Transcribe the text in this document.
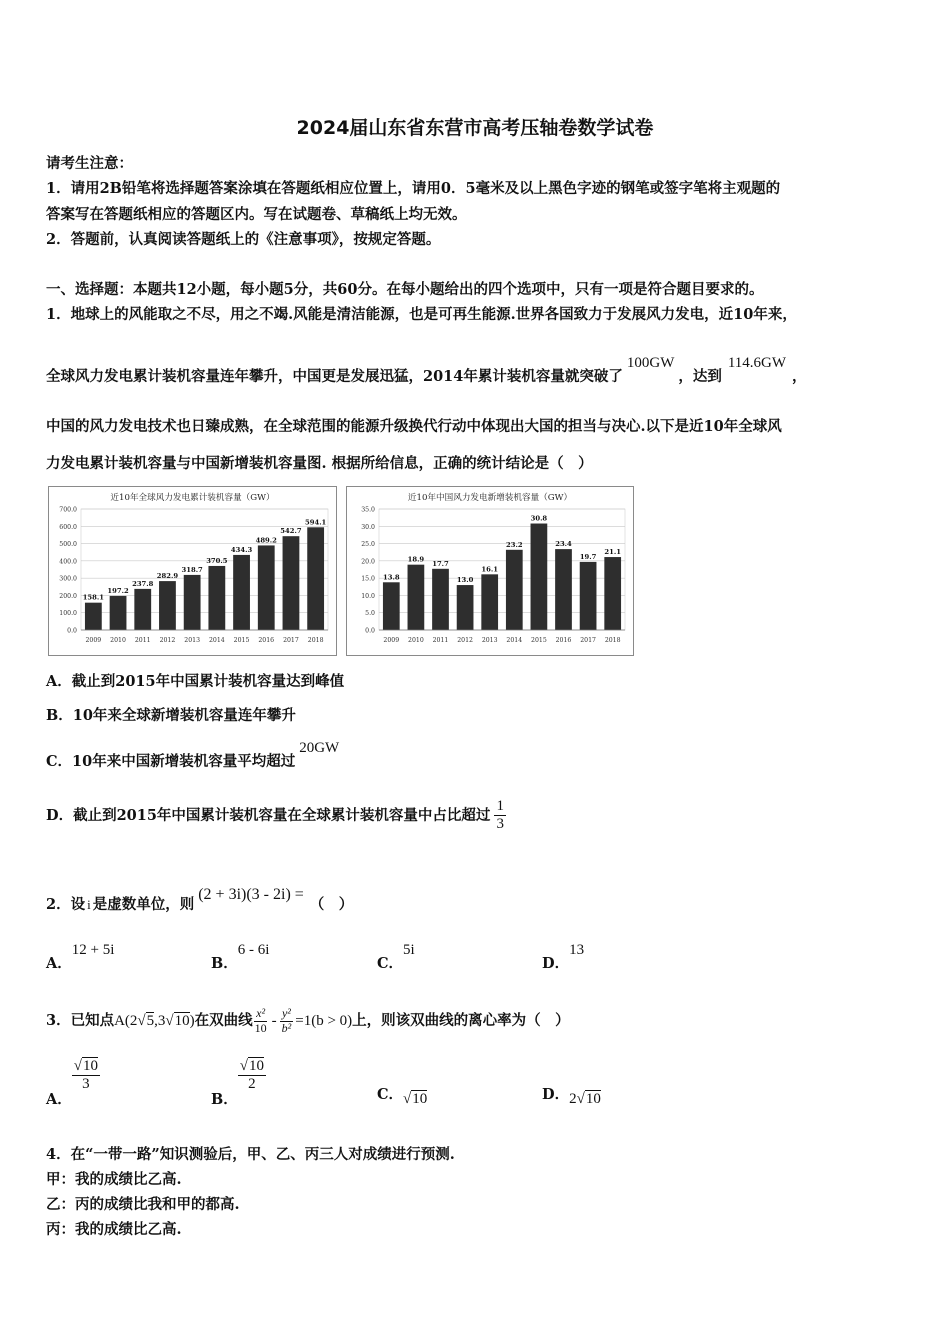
2024届山东省东营市高考压轴卷数学试卷
请考生注意：
1．请用2B铅笔将选择题答案涂填在答题纸相应位置上，请用0．5毫米及以上黑色字迹的钢笔或签字笔将主观题的
答案写在答题纸相应的答题区内。写在试题卷、草稿纸上均无效。
2．答题前，认真阅读答题纸上的《注意事项》，按规定答题。
一、选择题：本题共12小题，每小题5分，共60分。在每小题给出的四个选项中，只有一项是符合题目要求的。
1．地球上的风能取之不尽，用之不竭.风能是清洁能源，也是可再生能源.世界各国致力于发展风力发电，近10年来，
全球风力发电累计装机容量连年攀升，中国更是发展迅猛，2014年累计装机容量就突破了100GW，达到114.6GW，
中国的风力发电技术也日臻成熟，在全球范围的能源升级换代行动中体现出大国的担当与决心.以下是近10年全球风
力发电累计装机容量与中国新增装机容量图. 根据所给信息，正确的统计结论是（　）
近10年全球风力发电累计装机容量（GW）
0.0
100.0
200.0
300.0
400.0
500.0
600.0
700.0
158.1
2009
197.2
2010
237.8
2011
282.9
2012
318.7
2013
370.5
2014
434.3
2015
489.2
2016
542.7
2017
594.1
2018
近10年中国风力发电新增装机容量（GW）
0.0
5.0
10.0
15.0
20.0
25.0
30.0
35.0
13.8
2009
18.9
2010
17.7
2011
13.0
2012
16.1
2013
23.2
2014
30.8
2015
23.4
2016
19.7
2017
21.1
2018
A．截止到2015年中国累计装机容量达到峰值
B．10年来全球新增装机容量连年攀升
C．10年来中国新增装机容量平均超过20GW
D．截止到2015年中国累计装机容量在全球累计装机容量中占比超过 $\frac{1}{3}$
2．设 i 是虚数单位，则(2 + 3i)(3 - 2i) =（　）
A．12 + 5i
B．6 - 6i
C．5i
D．13
3．已知点A(2√5,3√10)在双曲线 $\frac{\text{x²}}{10} - \frac{\text{y²}}{\text{b²}} =1(b > 0)$上，则该双曲线的离心率为（　）
A．
$\frac{√10}{3}$
B．
$\frac{√10}{2}$
C．√10	D．2√10
4．在“一带一路”知识测验后，甲、乙、丙三人对成绩进行预测.
甲：我的成绩比乙高.
乙：丙的成绩比我和甲的都高.
丙：我的成绩比乙高.
